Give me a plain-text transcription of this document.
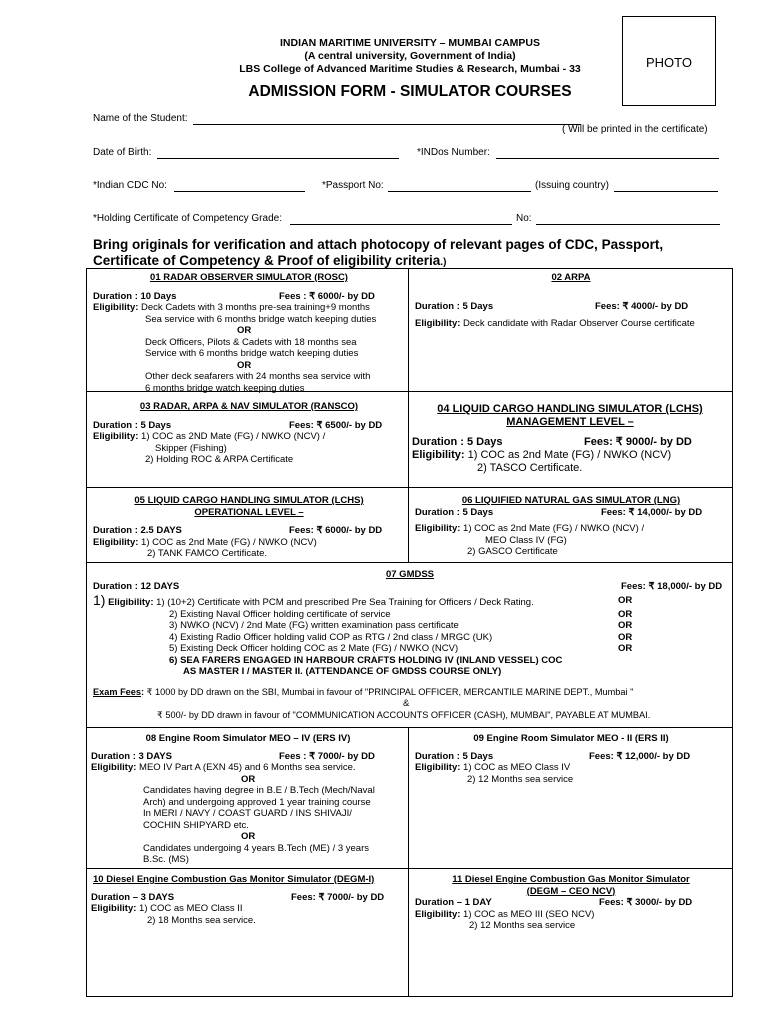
INDIAN MARITIME UNIVERSITY – MUMBAI CAMPUS
(A central university, Government of India)
LBS College of Advanced Maritime Studies & Research, Mumbai - 33	PHOTO
ADMISSION FORM - SIMULATOR COURSES
Name of the Student:
( Will be printed in the certificate)
Date of Birth:	*INDos Number:
*Indian CDC No:	*Passport No:	(Issuing country)
*Holding Certificate of Competency Grade:	No:
Bring originals for verification and attach photocopy of relevant pages of CDC, Passport,
Certificate of Competency & Proof of eligibility criteria.)

01 RADAR OBSERVER SIMULATOR (ROSC)

Duration : 10 Days	Fees : ₹ 6000/- by DD

Eligibility: Deck Cadets with 3 months pre-sea training+9 months

Sea service with 6 months bridge watch keeping duties

OR

Deck Officers, Pilots & Cadets with 18 months sea

Service with 6 months bridge watch keeping duties

OR

Other deck seafarers with 24 months sea service with

6 months bridge watch keeping duties

02 ARPA

Duration : 5 Days	Fees: ₹ 4000/- by DD

Eligibility: Deck candidate with Radar Observer Course certificate

03 RADAR, ARPA & NAV SIMULATOR (RANSCO)

Duration : 5 Days	Fees: ₹ 6500/- by DD

Eligibility: 1) COC as 2ND Mate (FG) / NWKO (NCV) /

Skipper (Fishing)

2) Holding ROC & ARPA Certificate

04 LIQUID CARGO HANDLING SIMULATOR (LCHS)

MANAGEMENT LEVEL –

Duration : 5 Days	Fees: ₹ 9000/- by DD

Eligibility: 1) COC as 2nd Mate (FG) / NWKO (NCV)

2) TASCO Certificate.

05 LIQUID CARGO HANDLING SIMULATOR (LCHS)

OPERATIONAL LEVEL –

Duration : 2.5 DAYS	Fees: ₹ 6000/- by DD

Eligibility: 1) COC as 2nd Mate (FG) / NWKO (NCV)

2) TANK FAMCO Certificate.

06 LIQUIFIED NATURAL GAS SIMULATOR (LNG)

Duration : 5 Days	Fees: ₹ 14,000/- by DD

Eligibility: 1) COC as 2nd Mate (FG) / NWKO (NCV) /

MEO Class IV (FG)

2) GASCO Certificate

07 GMDSS

Duration : 12 DAYS	Fees: ₹ 18,000/- by DD

1) Eligibility: 1) (10+2) Certificate with PCM and prescribed Pre Sea Training for Officers / Deck Rating.	OR

2) Existing Naval Officer holding certificate of service	OR

3) NWKO (NCV) / 2nd Mate (FG) written examination pass certificate	OR

4) Existing Radio Officer holding valid COP as RTG / 2nd class / MRGC (UK)	OR

5) Existing Deck Officer holding COC as 2 Mate (FG) / NWKO (NCV)	OR

6) SEA FARERS ENGAGED IN HARBOUR CRAFTS HOLDING IV (INLAND VESSEL) COC

AS MASTER I / MASTER II. (ATTENDANCE OF GMDSS COURSE ONLY)

Exam Fees: ₹ 1000 by DD drawn on the SBI, Mumbai in favour of "PRINCIPAL OFFICER, MERCANTILE MARINE DEPT., Mumbai "

&

₹ 500/- by DD drawn in favour of "COMMUNICATION ACCOUNTS OFFICER (CASH), MUMBAI", PAYABLE AT MUMBAI.

08 Engine Room Simulator MEO – IV (ERS IV)

Duration : 3 DAYS	Fees : ₹ 7000/- by DD

Eligibility: MEO IV Part A (EXN 45) and 6 Months sea service.

OR

Candidates having degree in B.E / B.Tech (Mech/Naval

Arch) and undergoing approved 1 year training course

In MERI / NAVY / COAST GUARD / INS SHIVAJI/

COCHIN SHIPYARD etc.

OR

Candidates undergoing 4 years B.Tech (ME) / 3 years

B.Sc. (MS)

09 Engine Room Simulator MEO - II (ERS II)

Duration : 5 Days	Fees: ₹ 12,000/- by DD

Eligibility: 1) COC as MEO Class IV

2) 12 Months sea service

10 Diesel Engine Combustion Gas Monitor Simulator (DEGM-I)

Duration – 3 DAYS	Fees: ₹ 7000/- by DD

Eligibility: 1) COC as MEO Class II

2) 18 Months sea service.

11 Diesel Engine Combustion Gas Monitor Simulator

(DEGM – CEO NCV)

Duration – 1 DAY	Fees: ₹ 3000/- by DD

Eligibility: 1) COC as MEO III (SEO NCV)

2) 12 Months sea service
